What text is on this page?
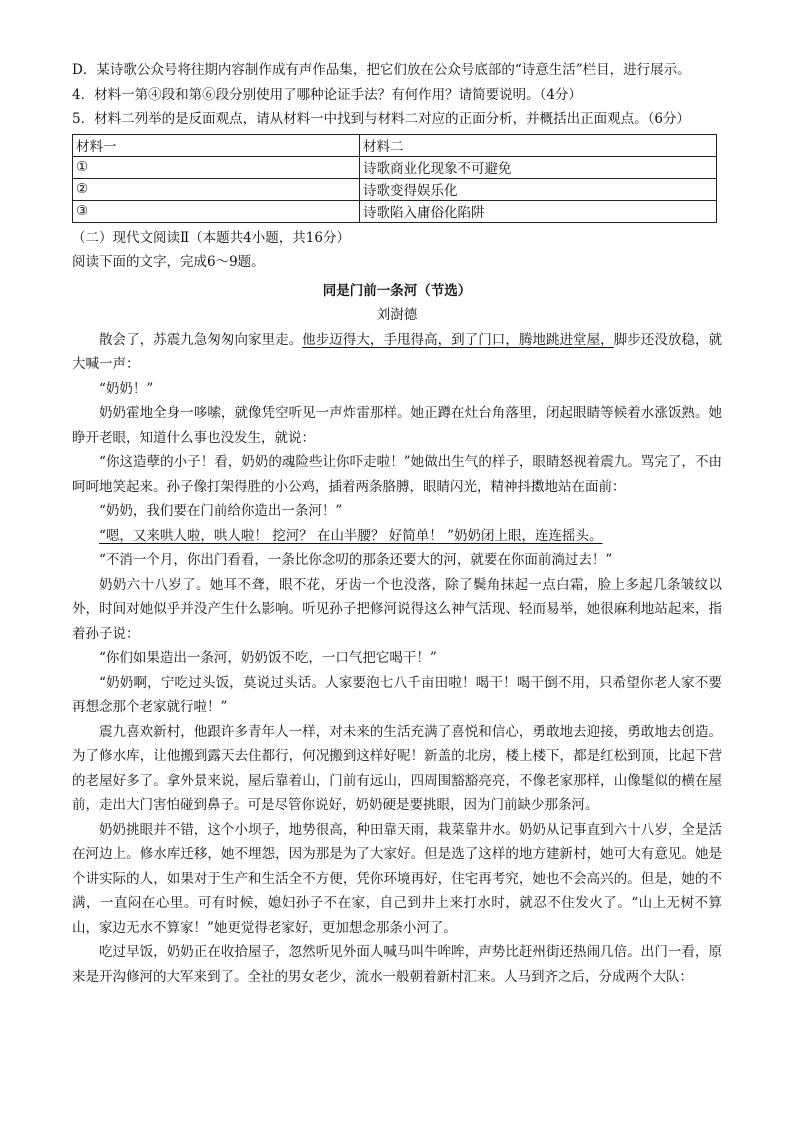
D．某诗歌公众号将往期内容制作成有声作品集，把它们放在公众号底部的“诗意生活”栏目，进行展示。

4．材料一第④段和第⑥段分别使用了哪种论证手法？有何作用？请简要说明。（4分）

5．材料二列举的是反面观点，请从材料一中找到与材料二对应的正面分析，并概括出正面观点。（6分）

材料一	材料二
①	诗歌商业化现象不可避免
②	诗歌变得娱乐化
③	诗歌陷入庸俗化陷阱

（二）现代文阅读Ⅱ（本题共4小题，共16分）

阅读下面的文字，完成6～9题。

同是门前一条河（节选）

刘澍德

散会了，苏震九急匆匆向家里走。他步迈得大，手甩得高，到了门口，腾地跳进堂屋，脚步还没放稳，就大喊一声：

“奶奶！”

奶奶霍地全身一哆嗦，就像凭空听见一声炸雷那样。她正蹲在灶台角落里，闭起眼睛等候着水涨饭熟。她睁开老眼，知道什么事也没发生，就说：

“你这造孽的小子！看，奶奶的魂险些让你吓走啦！”她做出生气的样子，眼睛怒视着震九。骂完了，不由呵呵地笑起来。孙子像打架得胜的小公鸡，插着两条胳膊，眼睛闪光，精神抖擞地站在面前：

“奶奶，我们要在门前给你造出一条河！”

“嗯，又来哄人啦，哄人啦！ 挖河？ 在山半腰？ 好简单！ ”奶奶闭上眼，连连摇头。

“不消一个月，你出门看看，一条比你念叨的那条还要大的河，就要在你面前淌过去！”

奶奶六十八岁了。她耳不聋，眼不花，牙齿一个也没落，除了鬓角抹起一点白霜，脸上多起几条皱纹以外，时间对她似乎并没产生什么影响。听见孙子把修河说得这么神气活现、轻而易举，她很麻利地站起来，指着孙子说：

“你们如果造出一条河，奶奶饭不吃，一口气把它喝干！”

“奶奶啊，宁吃过头饭，莫说过头话。人家要泡七八千亩田啦！喝干！喝干倒不用，只希望你老人家不要再想念那个老家就行啦！”

震九喜欢新村，他跟许多青年人一样，对未来的生活充满了喜悦和信心，勇敢地去迎接，勇敢地去创造。为了修水库，让他搬到露天去住都行，何况搬到这样好呢！新盖的北房，楼上楼下，都是红松到顶，比起下营的老屋好多了。拿外景来说，屋后靠着山，门前有远山，四周围豁豁亮亮，不像老家那样，山像髦似的横在屋前，走出大门害怕碰到鼻子。可是尽管你说好，奶奶硬是要挑眼，因为门前缺少那条河。

奶奶挑眼并不错，这个小坝子，地势很高，种田靠天雨，栽菜靠井水。奶奶从记事直到六十八岁，全是活在河边上。修水库迁移，她不埋怨，因为那是为了大家好。但是选了这样的地方建新村，她可大有意见。她是个讲实际的人，如果对于生产和生活全不方便，凭你环境再好，住宅再考究，她也不会高兴的。但是，她的不满，一直闷在心里。可有时候，媳妇孙子不在家，自己到井上来打水时，就忍不住发火了。“山上无树不算山，家边无水不算家！”她更觉得老家好，更加想念那条小河了。

吃过早饭，奶奶正在收拾屋子，忽然听见外面人喊马叫牛哞哞，声势比赶州街还热闹几倍。出门一看，原来是开沟修河的大军来到了。全社的男女老少，流水一般朝着新村汇来。人马到齐之后，分成两个大队：
